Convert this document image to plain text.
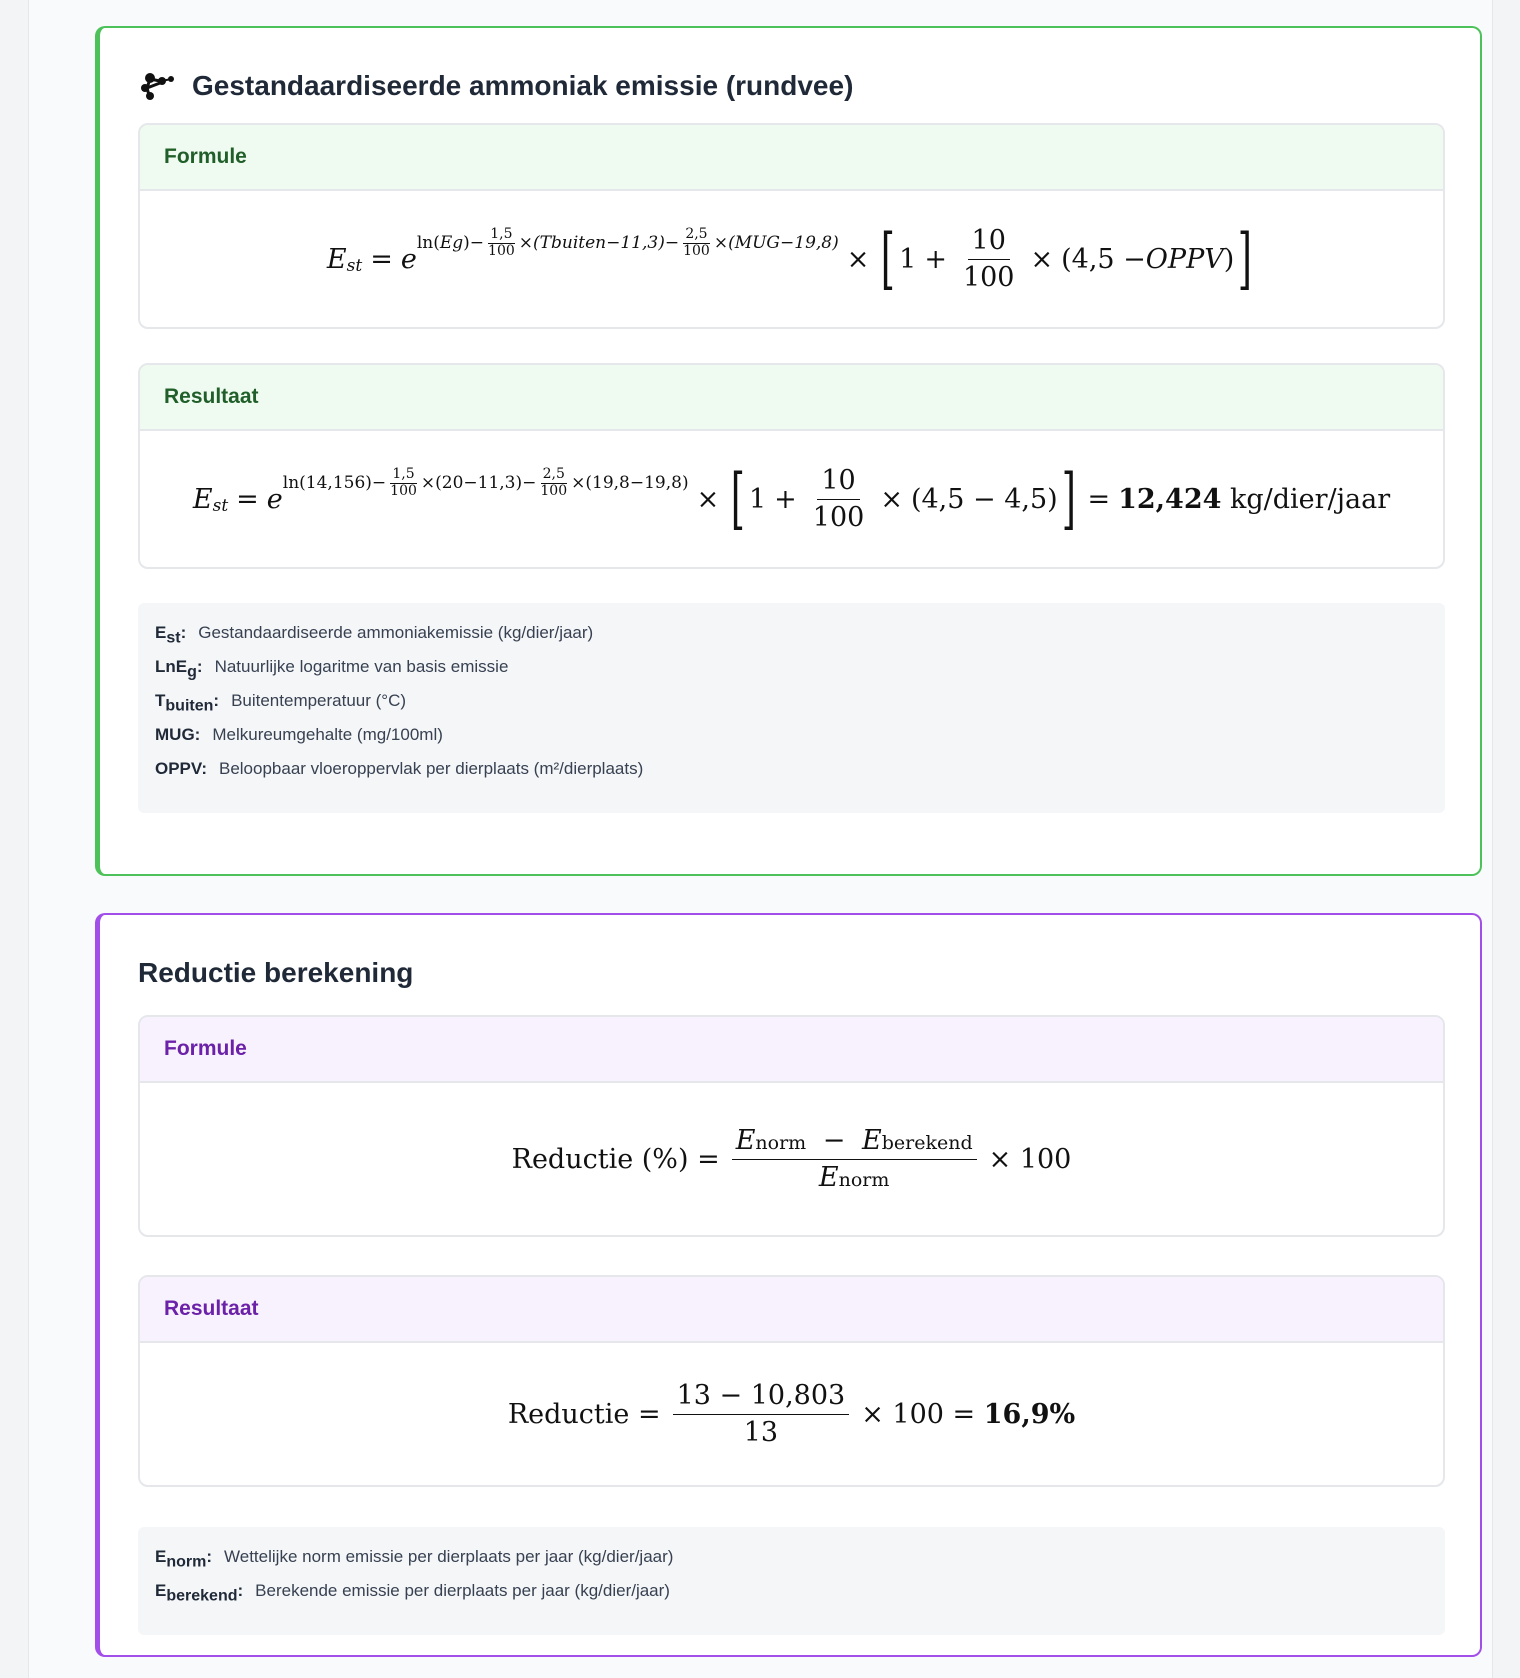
Gestandaardiseerde ammoniak emissie (rundvee)
Formule
E st = e
ln( Eg ) − $\frac{1,5}{100}$ × (Tbuiten−11,3) − $\frac{2,5}{100} \times (MUG-19,8)$
× [ $1 + \frac{10}{100} \times (4,5$ − OPPV ) ]
Resultaat
E st = e
$\ln(14,156) - \frac{1,5}{100} \times (20-11,3) - \frac{2,5}{100} \times (19,8-19,8)$
× [ $1 + \frac{10}{100} \times (4,5 - 4,5)$ ] = 12,424
kg/dier/jaar
$E_{st}$: Gestandaardiseerde ammoniakemissie (kg/dier/jaar)
LnE$_g$: Natuurlijke logaritme van basis emissie
$T_{buiten}$: Buitentemperatuur (°C)
MUG: Melkureumgehalte (mg/100ml)
OPPV: Beloopbaar vloeroppervlak per dierplaats (m²/dierplaats)
Reductie berekening
Formule
Reductie (%) = $\frac{\text{Enorm − Eberekend}}{\text{Enorm}} \times 100$
Resultaat
Reductie = $\frac{13 - 10,803}{13} \times 100$ =
16,9%
$E_{norm}$: Wettelijke norm emissie per dierplaats per jaar (kg/dier/jaar)
$E_{berekend}$: Berekende emissie per dierplaats per jaar (kg/dier/jaar)
